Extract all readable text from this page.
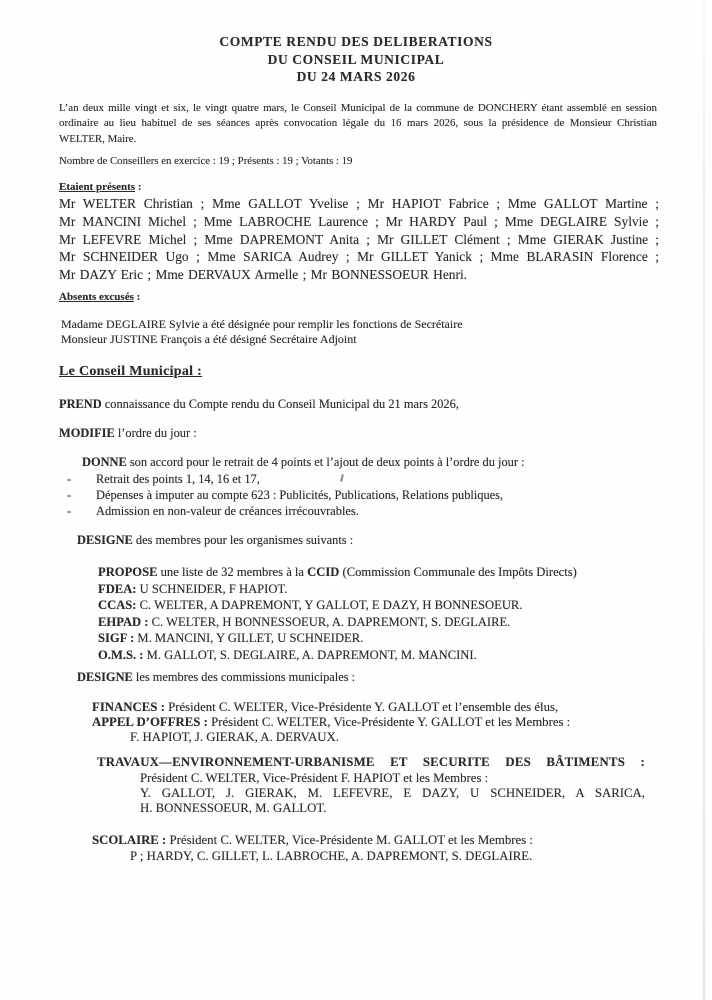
COMPTE RENDU DES DELIBERATIONS
DU CONSEIL MUNICIPAL
DU 24 MARS 2026
L’an deux mille vingt et six, le vingt quatre mars, le Conseil Municipal de la commune de DONCHERY étant assemblé en session
ordinaire au lieu habituel de ses séances après convocation légale du 16 mars 2026, sous la présidence de Monsieur Christian
WELTER, Maire.
Nombre de Conseillers en exercice : 19 ; Présents : 19 ; Votants : 19
Etaient présents :
Mr WELTER Christian ; Mme GALLOT Yvelise ; Mr HAPIOT Fabrice ; Mme GALLOT Martine ;
Mr MANCINI Michel ; Mme LABROCHE Laurence ; Mr HARDY Paul ; Mme DEGLAIRE Sylvie ;
Mr LEFEVRE Michel ; Mme DAPREMONT Anita ; Mr GILLET Clément ; Mme GIERAK Justine ;
Mr SCHNEIDER Ugo ; Mme SARICA Audrey ; Mr GILLET Yanick ; Mme BLARASIN Florence ;
Mr DAZY Eric ; Mme DERVAUX Armelle ; Mr BONNESSOEUR Henri.
Absents excusés :
Madame DEGLAIRE Sylvie a été désignée pour remplir les fonctions de Secrétaire
Monsieur JUSTINE François a été désigné Secrétaire Adjoint
Le Conseil Municipal :
PREND connaissance du Compte rendu du Conseil Municipal du 21 mars 2026,
MODIFIE l’ordre du jour :
DONNE son accord pour le retrait de 4 points et l’ajout de deux points à l’ordre du jour :
-	Retrait des points 1, 14, 16 et 17,
-	Dépenses à imputer au compte 623 : Publicités, Publications, Relations publiques,
-	Admission en non-valeur de créances irrécouvrables.
DESIGNE des membres pour les organismes suivants :
PROPOSE une liste de 32 membres à la CCID (Commission Communale des Impôts Directs)
FDEA: U SCHNEIDER, F HAPIOT.
CCAS: C. WELTER, A DAPREMONT, Y GALLOT, E DAZY, H BONNESOEUR.
EHPAD : C. WELTER, H BONNESSOEUR, A. DAPREMONT, S. DEGLAIRE.
SIGF : M. MANCINI, Y GILLET, U SCHNEIDER.
O.M.S. : M. GALLOT, S. DEGLAIRE, A. DAPREMONT, M. MANCINI.
DESIGNE les membres des commissions municipales :
FINANCES : Président C. WELTER, Vice-Présidente Y. GALLOT et l’ensemble des élus,
APPEL D’OFFRES : Président C. WELTER, Vice-Présidente Y. GALLOT et les Membres :
F. HAPIOT, J. GIERAK, A. DERVAUX.
TRAVAUX—ENVIRONNEMENT-URBANISME ET SECURITE DES BÂTIMENTS :
Président C. WELTER, Vice-Président F. HAPIOT et les Membres :
Y. GALLOT, J. GIERAK, M. LEFEVRE, E DAZY, U SCHNEIDER, A SARICA,
H. BONNESSOEUR, M. GALLOT.
SCOLAIRE : Président C. WELTER, Vice-Présidente M. GALLOT et les Membres :
P ; HARDY, C. GILLET, L. LABROCHE, A. DAPREMONT, S. DEGLAIRE.
